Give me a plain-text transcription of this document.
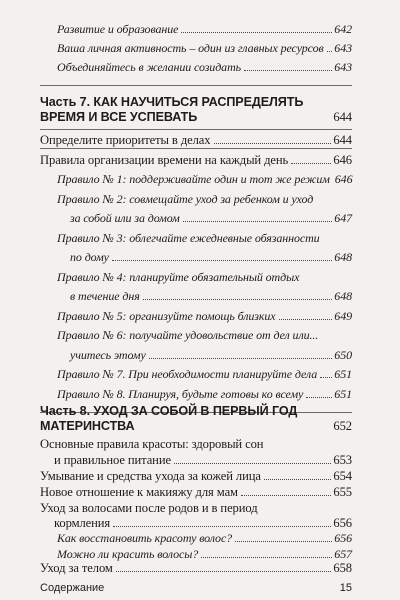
Развитие и образование	642
Ваша личная активность – один из главных ресурсов 643
Объединяйтесь в желании созидать	643
Часть 7. КАК НАУЧИТЬСЯ РАСПРЕДЕЛЯТЬ
ВРЕМЯ И ВСЕ УСПЕВАТЬ	644
Определите приоритеты в делах	644
Правила организации времени на каждый день	646
Правило № 1: поддерживайте один и тот же режим 646
Правило № 2: совмещайте уход за ребенком и уход
за собой или за домом	647
Правило № 3: облегчайте ежедневные обязанности
по дому	648
Правило № 4: планируйте обязательный отдых
в течение дня	648
Правило № 5: организуйте помощь близких	649
Правило № 6: получайте удовольствие от дел или...
учитесь этому	650
Правило № 7. При необходимости планируйте дела 651
Правило № 8. Планируя, будьте готовы ко всему	651
Часть 8. УХОД ЗА СОБОЙ В ПЕРВЫЙ ГОД
МАТЕРИНСТВА	652
Основные правила красоты: здоровый сон
и правильное питание	653
Умывание и средства ухода за кожей лица	654
Новое отношение к макияжу для мам	655
Уход за волосами после родов и в период
кормления	656
Как восстановить красоту волос?	656
Можно ли красить волосы?	657
Уход за телом	658
Содержание	15
